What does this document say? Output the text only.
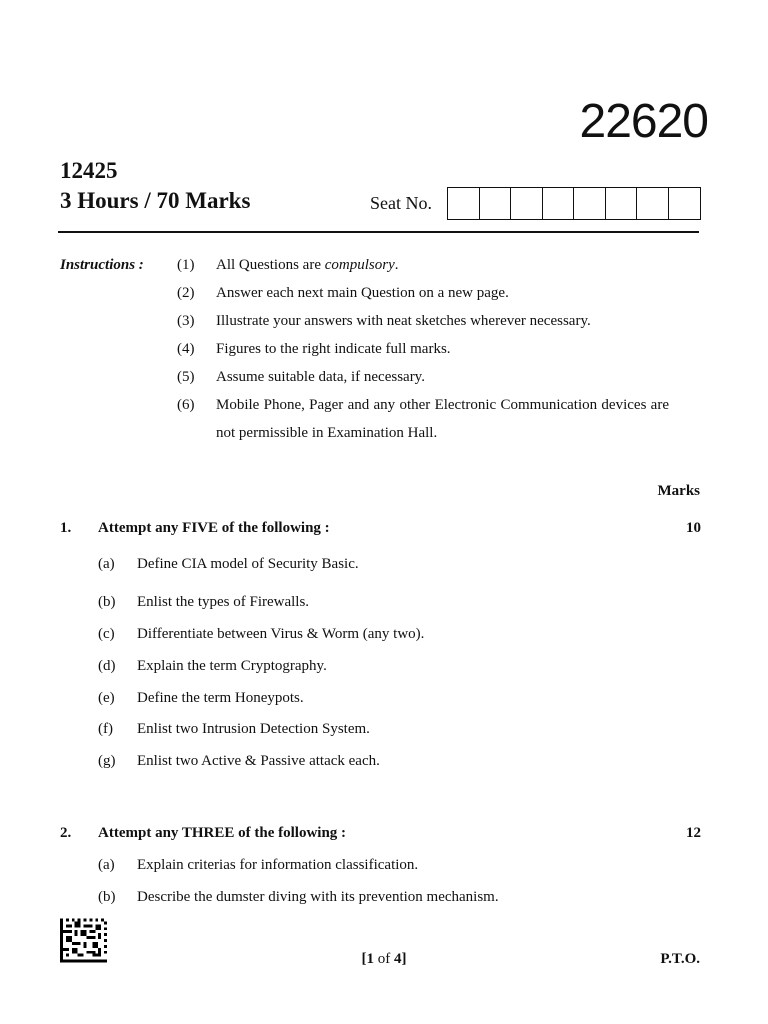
22620
12425
3 Hours / 70 Marks	Seat No.
Instructions : (1)	All Questions are compulsory.
(2)	Answer each next main Question on a new page.
(3)	Illustrate your answers with neat sketches wherever necessary.
(4)	Figures to the right indicate full marks.
(5)	Assume suitable data, if necessary.
(6)	Mobile Phone, Pager and any other Electronic Communication devices are not permissible in Examination Hall.
Marks
1.	Attempt any FIVE of the following :	10
(a)	Define CIA model of Security Basic.
(b)	Enlist the types of Firewalls.
(c)	Differentiate between Virus & Worm (any two).
(d)	Explain the term Cryptography.
(e)	Define the term Honeypots.
(f)	Enlist two Intrusion Detection System.
(g)	Enlist two Active & Passive attack each.
2.	Attempt any THREE of the following :	12
(a)	Explain criterias for information classification.
(b)	Describe the dumster diving with its prevention mechanism.
[1 of 4]	P.T.O.
